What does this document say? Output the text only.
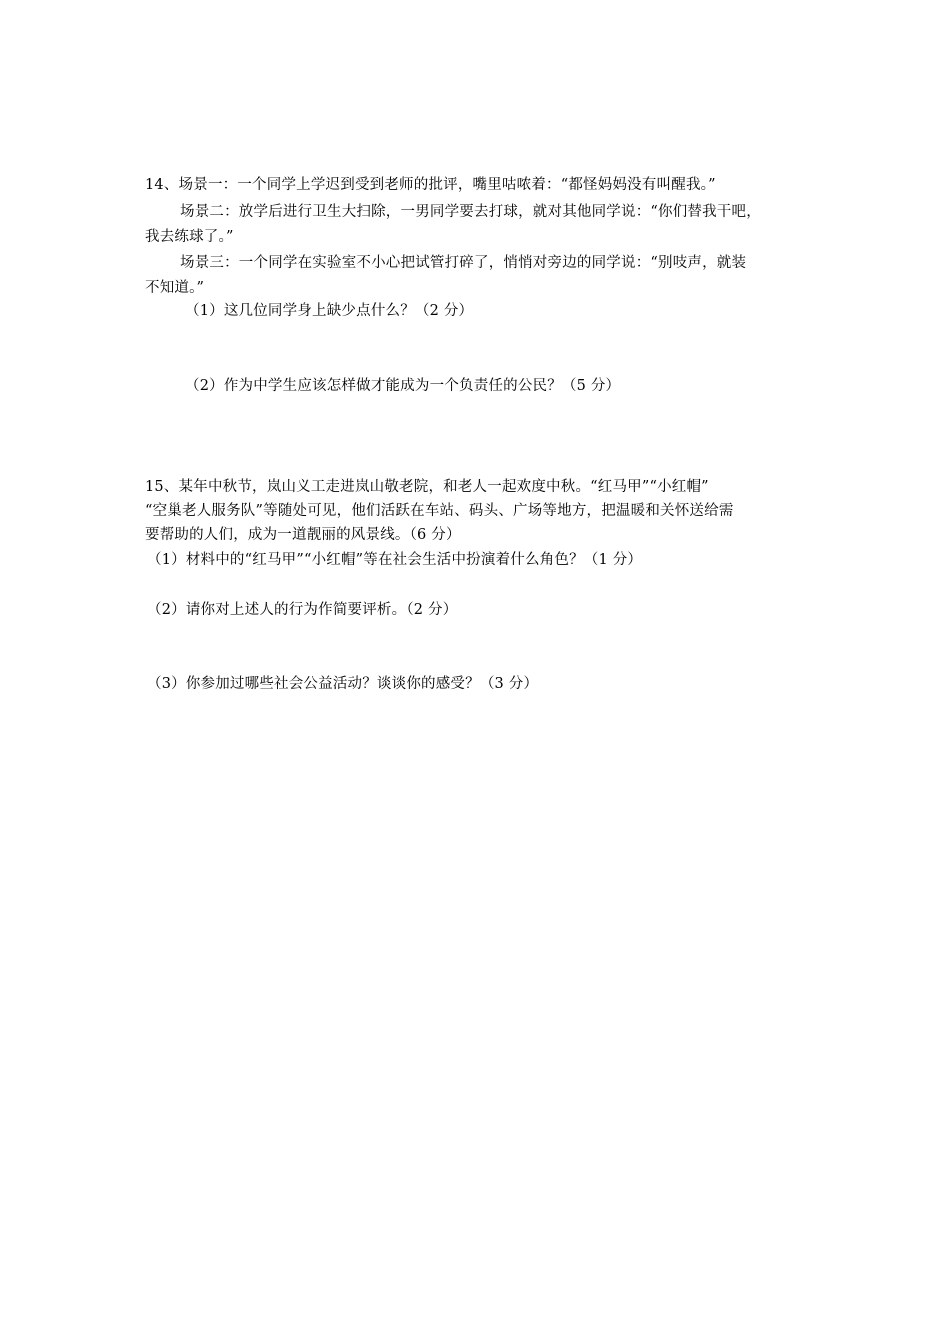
14、场景一：一个同学上学迟到受到老师的批评，嘴里咕哝着：“都怪妈妈没有叫醒我。”
场景二：放学后进行卫生大扫除，一男同学要去打球，就对其他同学说：“你们替我干吧，
我去练球了。”
场景三：一个同学在实验室不小心把试管打碎了，悄悄对旁边的同学说：“别吱声，就装
不知道。”
（1）这几位同学身上缺少点什么？（2 分）
（2）作为中学生应该怎样做才能成为一个负责任的公民？（5 分）
15、某年中秋节，岚山义工走进岚山敬老院，和老人一起欢度中秋。“红马甲”“小红帽”
“空巢老人服务队”等随处可见，他们活跃在车站、码头、广场等地方，把温暖和关怀送给需
要帮助的人们，成为一道靓丽的风景线。（6 分）
（1）材料中的“红马甲”“小红帽”等在社会生活中扮演着什么角色？（1 分）
（2）请你对上述人的行为作简要评析。（2 分）
（3）你参加过哪些社会公益活动？谈谈你的感受？（3 分）
